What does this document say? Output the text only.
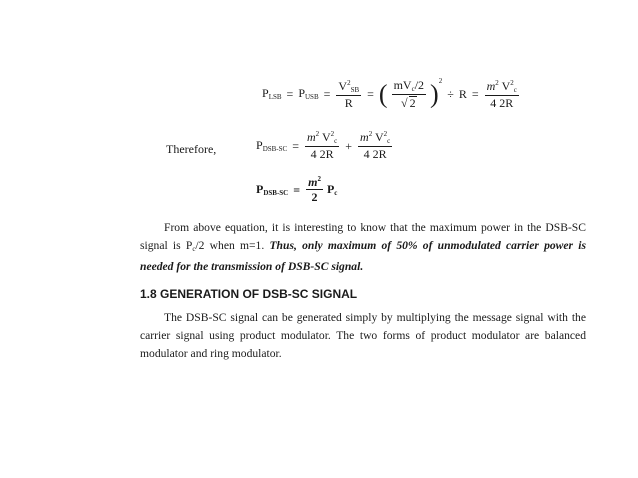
$P_{LSB} = P_{USB} = \frac{V^2_{SB}}{R}$ = ( $\frac{mV_c/2}{√ 2} )^2 \div R = \frac{m^2 V^2_c}{4 2R}$
Therefore,	$P_{DSB-SC} = \frac{m^2 V^2_c}{4 2R} + \frac{m^2 V^2_c}{4 2R}$
$P_{DSB-SC} = \frac{m^2}{2} P_c$

From above equation, it is interesting to know that the maximum power in the DSB-SC signal is $P_c/2$ when m=1. Thus, only maximum of 50% of unmodulated carrier power is needed for the transmission of DSB-SC signal.

1.8 GENERATION OF DSB-SC SIGNAL

The DSB-SC signal can be generated simply by multiplying the message signal with the carrier signal using product modulator. The two forms of product modulator are balanced modulator and ring modulator.
